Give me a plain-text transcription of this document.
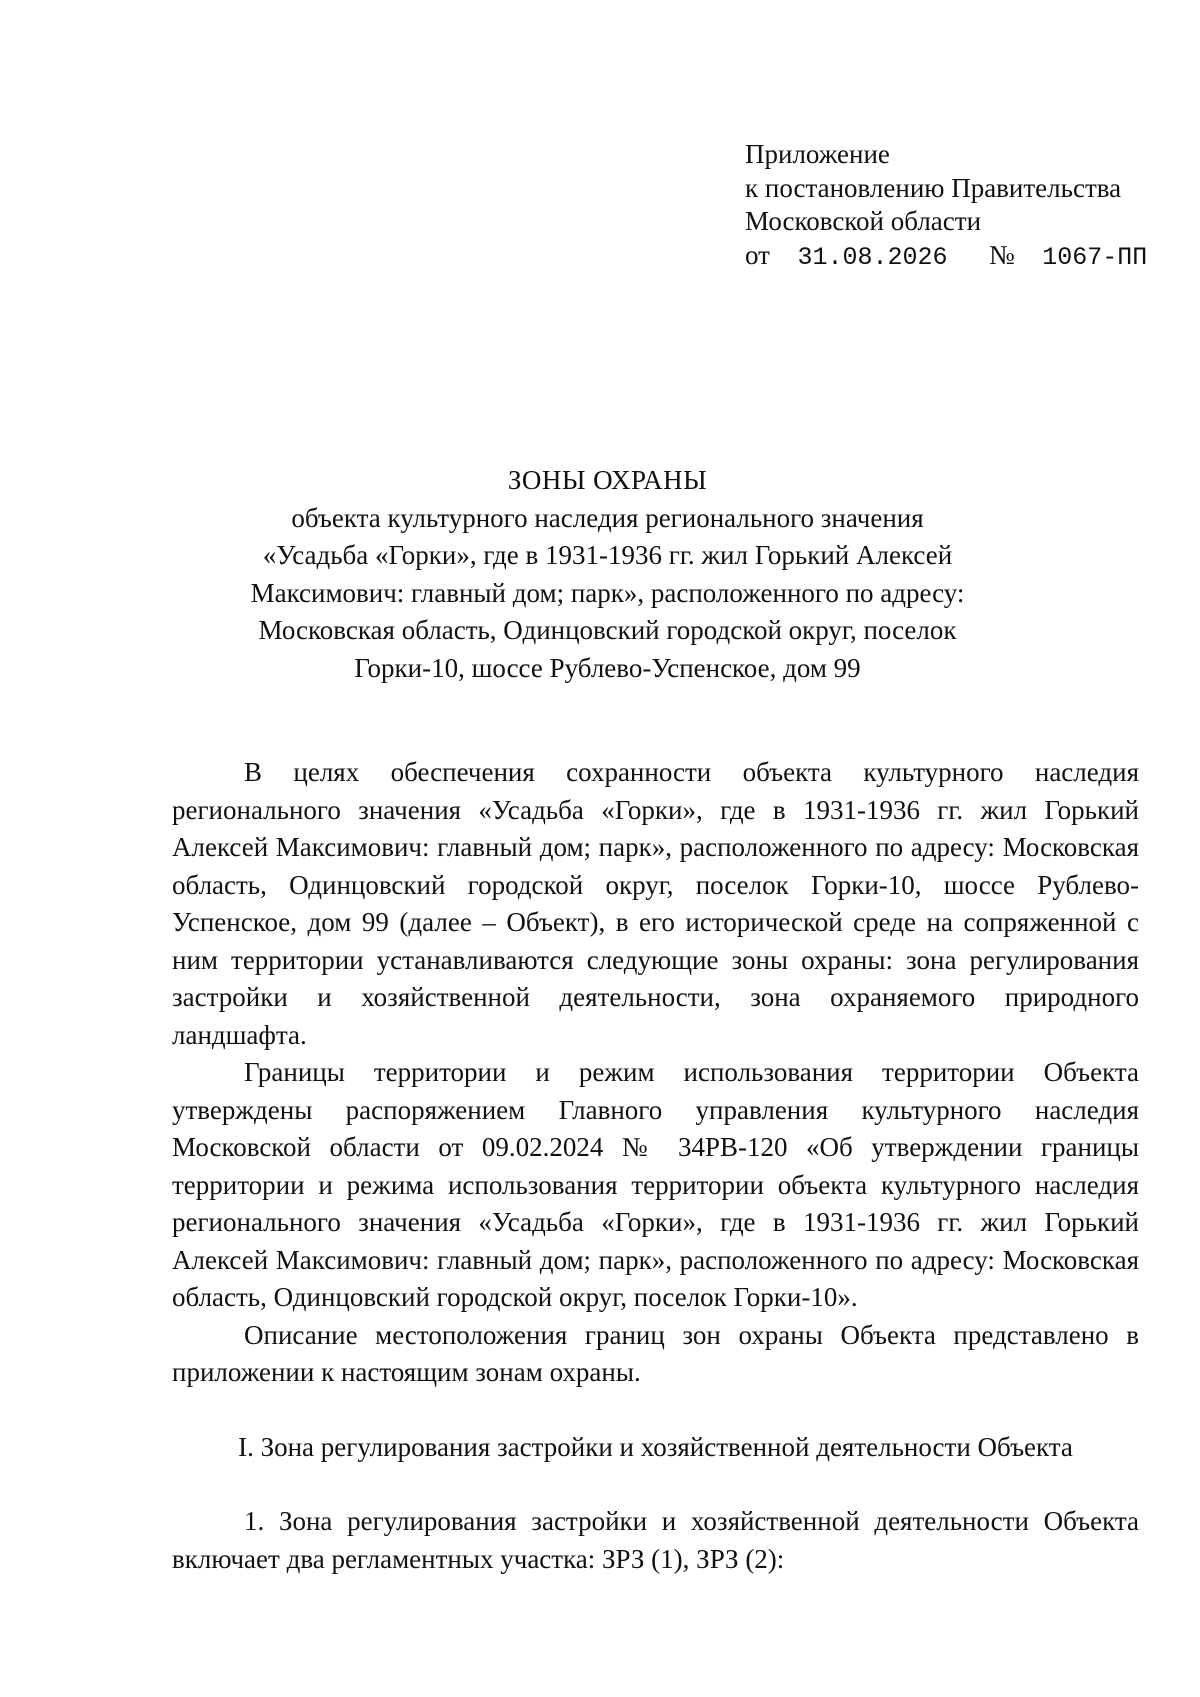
Приложение
к постановлению Правительства
Московской области
от 31.08.2026 № 1067-ПП
ЗОНЫ ОХРАНЫ
объекта культурного наследия регионального значения
«Усадьба «Горки», где в 1931-1936 гг. жил Горький Алексей
Максимович: главный дом; парк», расположенного по адресу:
Московская область, Одинцовский городской округ, поселок
Горки-10, шоссе Рублево-Успенское, дом 99

В целях обеспечения сохранности объекта культурного наследия регионального значения «Усадьба «Горки», где в 1931-1936 гг. жил Горький Алексей Максимович: главный дом; парк», расположенного по адресу: Московская область, Одинцовский городской округ, поселок Горки-10, шоссе Рублево-Успенское, дом 99 (далее – Объект), в его исторической среде на сопряженной с ним территории устанавливаются следующие зоны охраны: зона регулирования застройки и хозяйственной деятельности, зона охраняемого природного ландшафта.

Границы территории и режим использования территории Объекта утверждены распоряжением Главного управления культурного наследия Московской области от 09.02.2024 № 34РВ-120 «Об утверждении границы территории и режима использования территории объекта культурного наследия регионального значения «Усадьба «Горки», где в 1931-1936 гг. жил Горький Алексей Максимович: главный дом; парк», расположенного по адресу: Московская область, Одинцовский городской округ, поселок Горки-10».

Описание местоположения границ зон охраны Объекта представлено в приложении к настоящим зонам охраны.

I. Зона регулирования застройки и хозяйственной деятельности Объекта

1. Зона регулирования застройки и хозяйственной деятельности Объекта включает два регламентных участка: ЗРЗ (1), ЗРЗ (2):
